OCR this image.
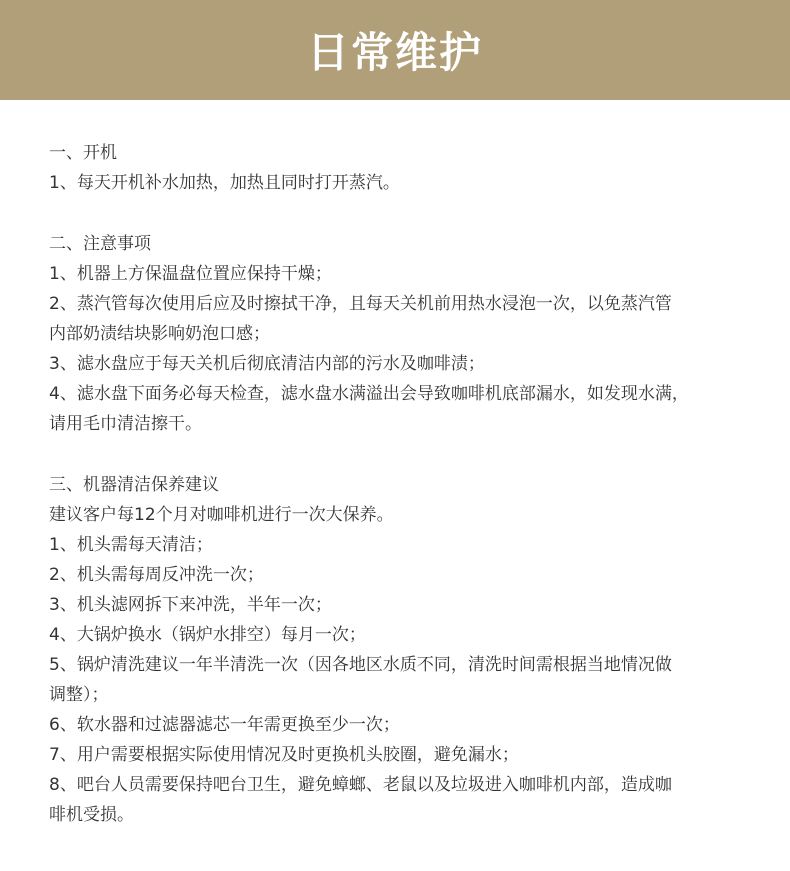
日常维护

一、开机

1、每天开机补水加热，加热且同时打开蒸汽。

二、注意事项

1、机器上方保温盘位置应保持干燥；

2、蒸汽管每次使用后应及时擦拭干净，且每天关机前用热水浸泡一次，以免蒸汽管

内部奶渍结块影响奶泡口感；

3、滤水盘应于每天关机后彻底清洁内部的污水及咖啡渍；

4、滤水盘下面务必每天检查，滤水盘水满溢出会导致咖啡机底部漏水，如发现水满，

请用毛巾清洁擦干。

三、机器清洁保养建议

建议客户每12个月对咖啡机进行一次大保养。

1、机头需每天清洁；

2、机头需每周反冲洗一次；

3、机头滤网拆下来冲洗，半年一次；

4、大锅炉换水（锅炉水排空）每月一次；

5、锅炉清洗建议一年半清洗一次（因各地区水质不同，清洗时间需根据当地情况做

调整）；

6、软水器和过滤器滤芯一年需更换至少一次；

7、用户需要根据实际使用情况及时更换机头胶圈，避免漏水；

8、吧台人员需要保持吧台卫生，避免蟑螂、老鼠以及垃圾进入咖啡机内部，造成咖

啡机受损。
